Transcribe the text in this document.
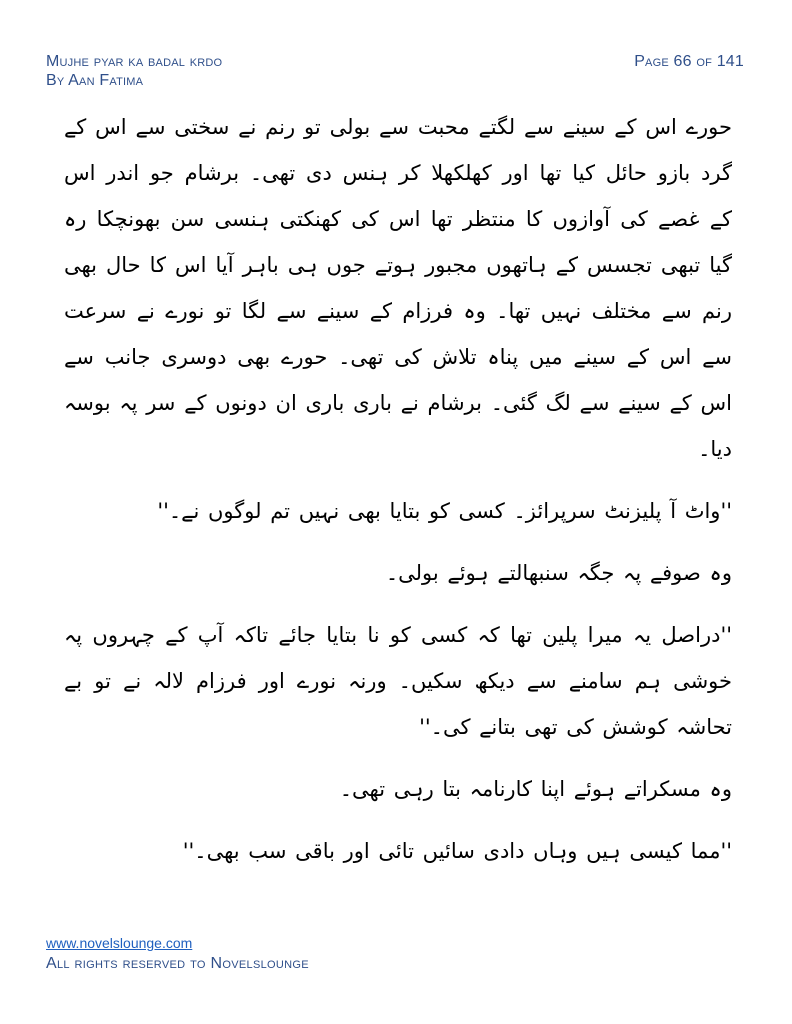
Mujhe pyar ka badal krdo
By Aan Fatima
Page 66 of 141

حورے اس کے سینے سے لگتے محبت سے بولی تو رنم نے سختی سے اس کے گرد بازو حائل کیا تھا اور کھلکھلا کر ہنس دی تھی۔ برشام جو اندر اس کے غصے کی آوازوں کا منتظر تھا اس کی کھنکتی ہنسی سن بھونچکا رہ گیا تبھی تجسس کے ہاتھوں مجبور ہوتے جوں ہی باہر آیا اس کا حال بھی رنم سے مختلف نہیں تھا۔ وہ فرزام کے سینے سے لگا تو نورے نے سرعت سے اس کے سینے میں پناہ تلاش کی تھی۔ حورے بھی دوسری جانب سے اس کے سینے سے لگ گئی۔ برشام نے باری باری ان دونوں کے سر پہ بوسہ دیا۔

''واٹ آ پلیزنٹ سرپرائز۔ کسی کو بتایا بھی نہیں تم لوگوں نے۔''

وہ صوفے پہ جگہ سنبھالتے ہوئے بولی۔

''دراصل یہ میرا پلین تھا کہ کسی کو نا بتایا جائے تاکہ آپ کے چہروں پہ خوشی ہم سامنے سے دیکھ سکیں۔ ورنہ نورے اور فرزام لالہ نے تو بے تحاشہ کوشش کی تھی بتانے کی۔''

وہ مسکراتے ہوئے اپنا کارنامہ بتا رہی تھی۔

''مما کیسی ہیں وہاں دادی سائیں تائی اور باقی سب بھی۔''

www.novelslounge.com
All rights reserved to Novelslounge
